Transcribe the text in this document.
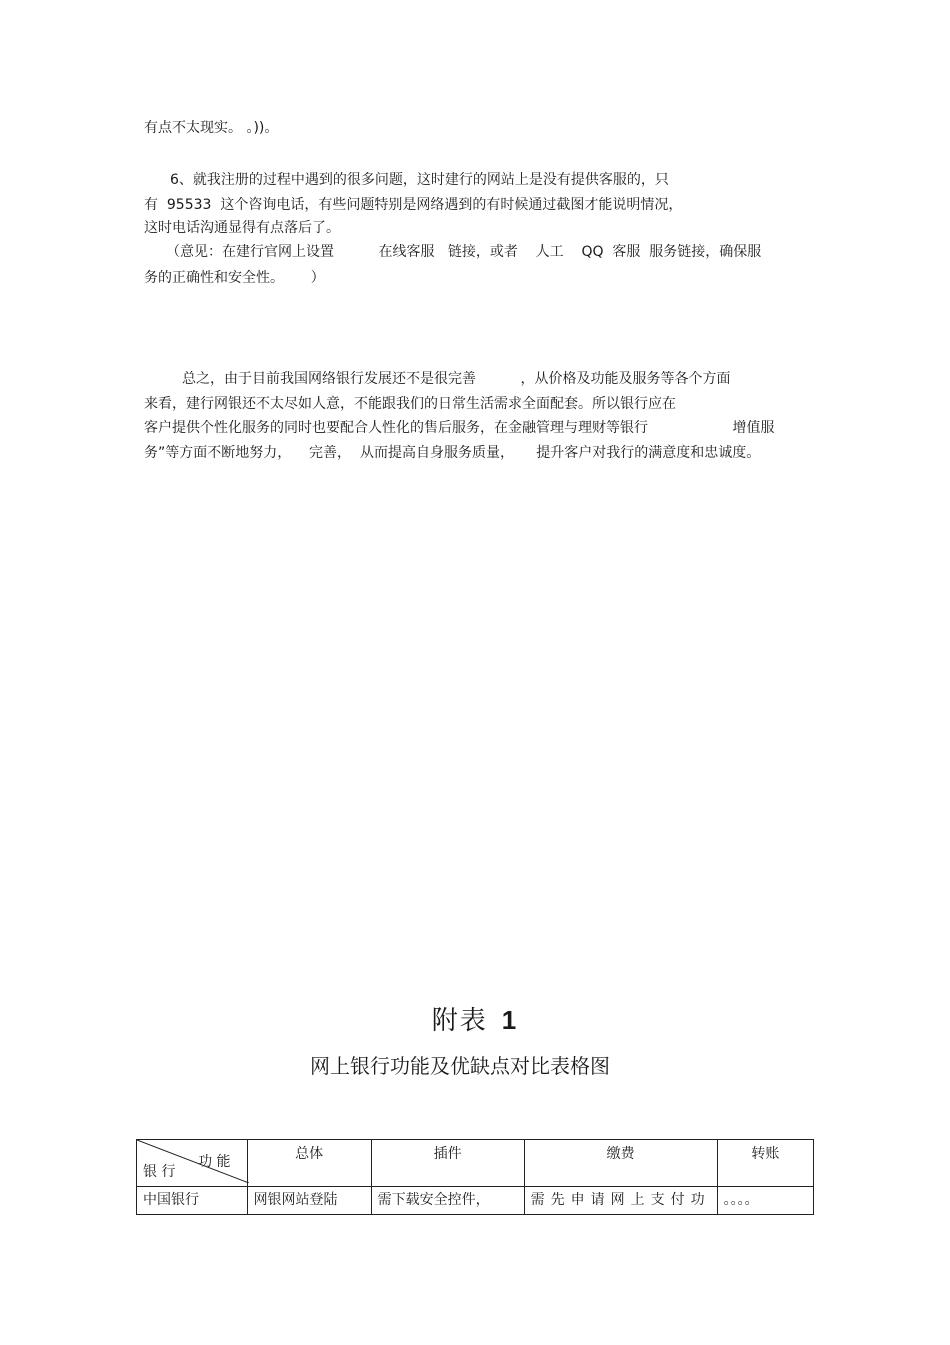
有点不太现实。 。))。
6、就我注册的过程中遇到的很多问题，这时建行的网站上是没有提供客服的，只
有  95533  这个咨询电话，有些问题特别是网络遇到的有时候通过截图才能说明情况，
这时电话沟通显得有点落后了。
（意见：在建行官网上设置          在线客服   链接，或者    人工    QQ  客服  服务链接，确保服
务的正确性和安全性。      ）
总之，由于目前我国网络银行发展还不是很完善          ，从价格及功能及服务等各个方面
来看，建行网银还不太尽如人意，不能跟我们的日常生活需求全面配套。所以银行应在
客户提供个性化服务的同时也要配合人性化的售后服务，在金融管理与理财等银行                   增值服
务”等方面不断地努力，    完善，  从而提高自身服务质量，     提升客户对我行的满意度和忠诚度。
附表 1
网上银行功能及优缺点对比表格图
功 能
银 行	总体	插件	缴费	转账
中国银行	网银网站登陆	需下载安全控件，	需先申请网上支付功	。。。。
